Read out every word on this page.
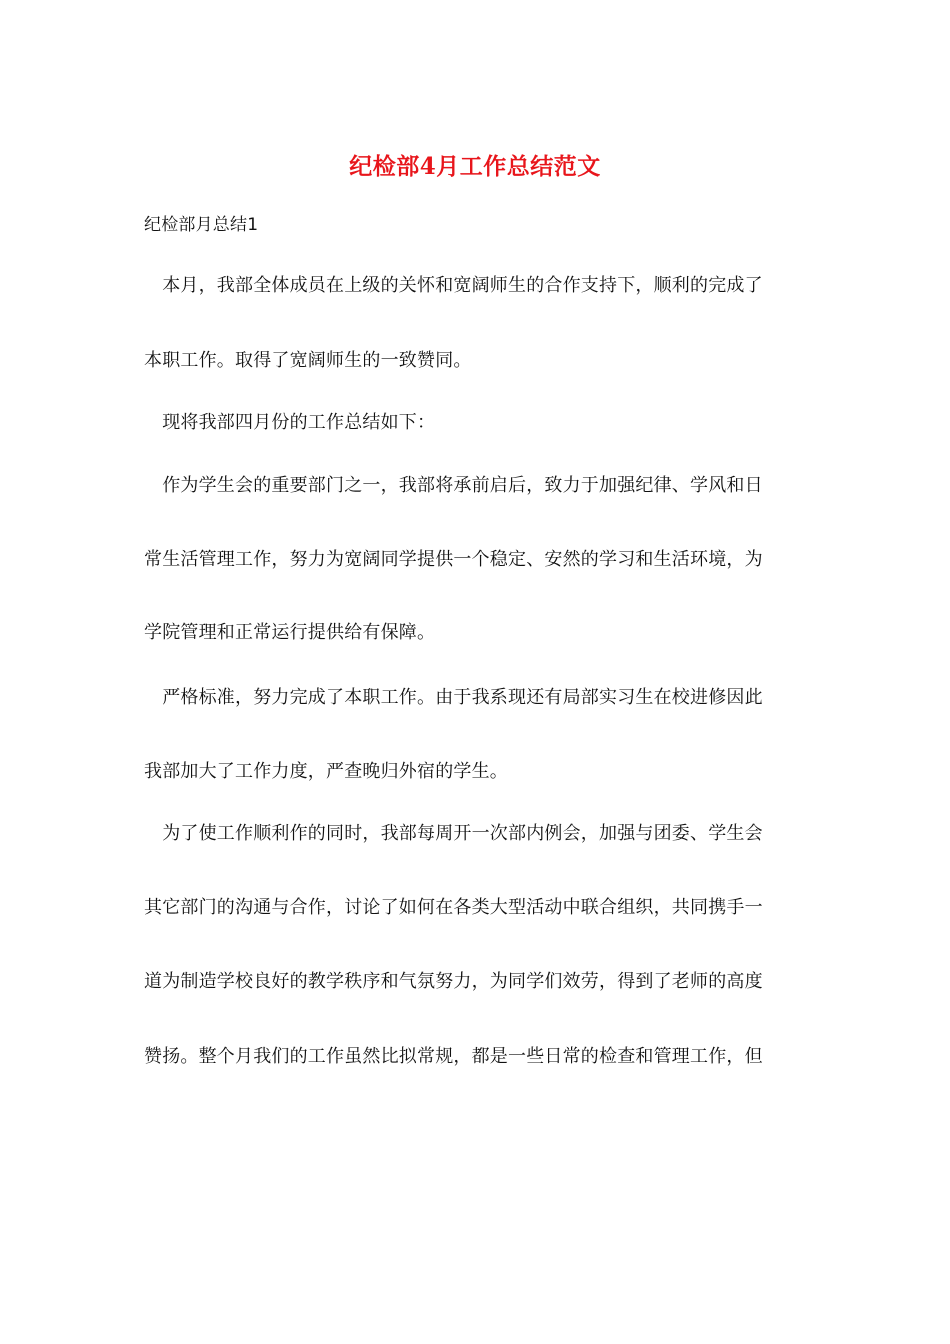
纪检部4月工作总结范文

纪检部月总结1

　本月，我部全体成员在上级的关怀和宽阔师生的合作支持下，顺利的完成了

本职工作。取得了宽阔师生的一致赞同。

　现将我部四月份的工作总结如下：

　作为学生会的重要部门之一，我部将承前启后，致力于加强纪律、学风和日

常生活管理工作，努力为宽阔同学提供一个稳定、安然的学习和生活环境，为

学院管理和正常运行提供给有保障。

　严格标准，努力完成了本职工作。由于我系现还有局部实习生在校进修因此

我部加大了工作力度，严查晚归外宿的学生。

　为了使工作顺利作的同时，我部每周开一次部内例会，加强与团委、学生会

其它部门的沟通与合作，讨论了如何在各类大型活动中联合组织，共同携手一

道为制造学校良好的教学秩序和气氛努力，为同学们效劳，得到了老师的高度

赞扬。整个月我们的工作虽然比拟常规，都是一些日常的检查和管理工作，但
